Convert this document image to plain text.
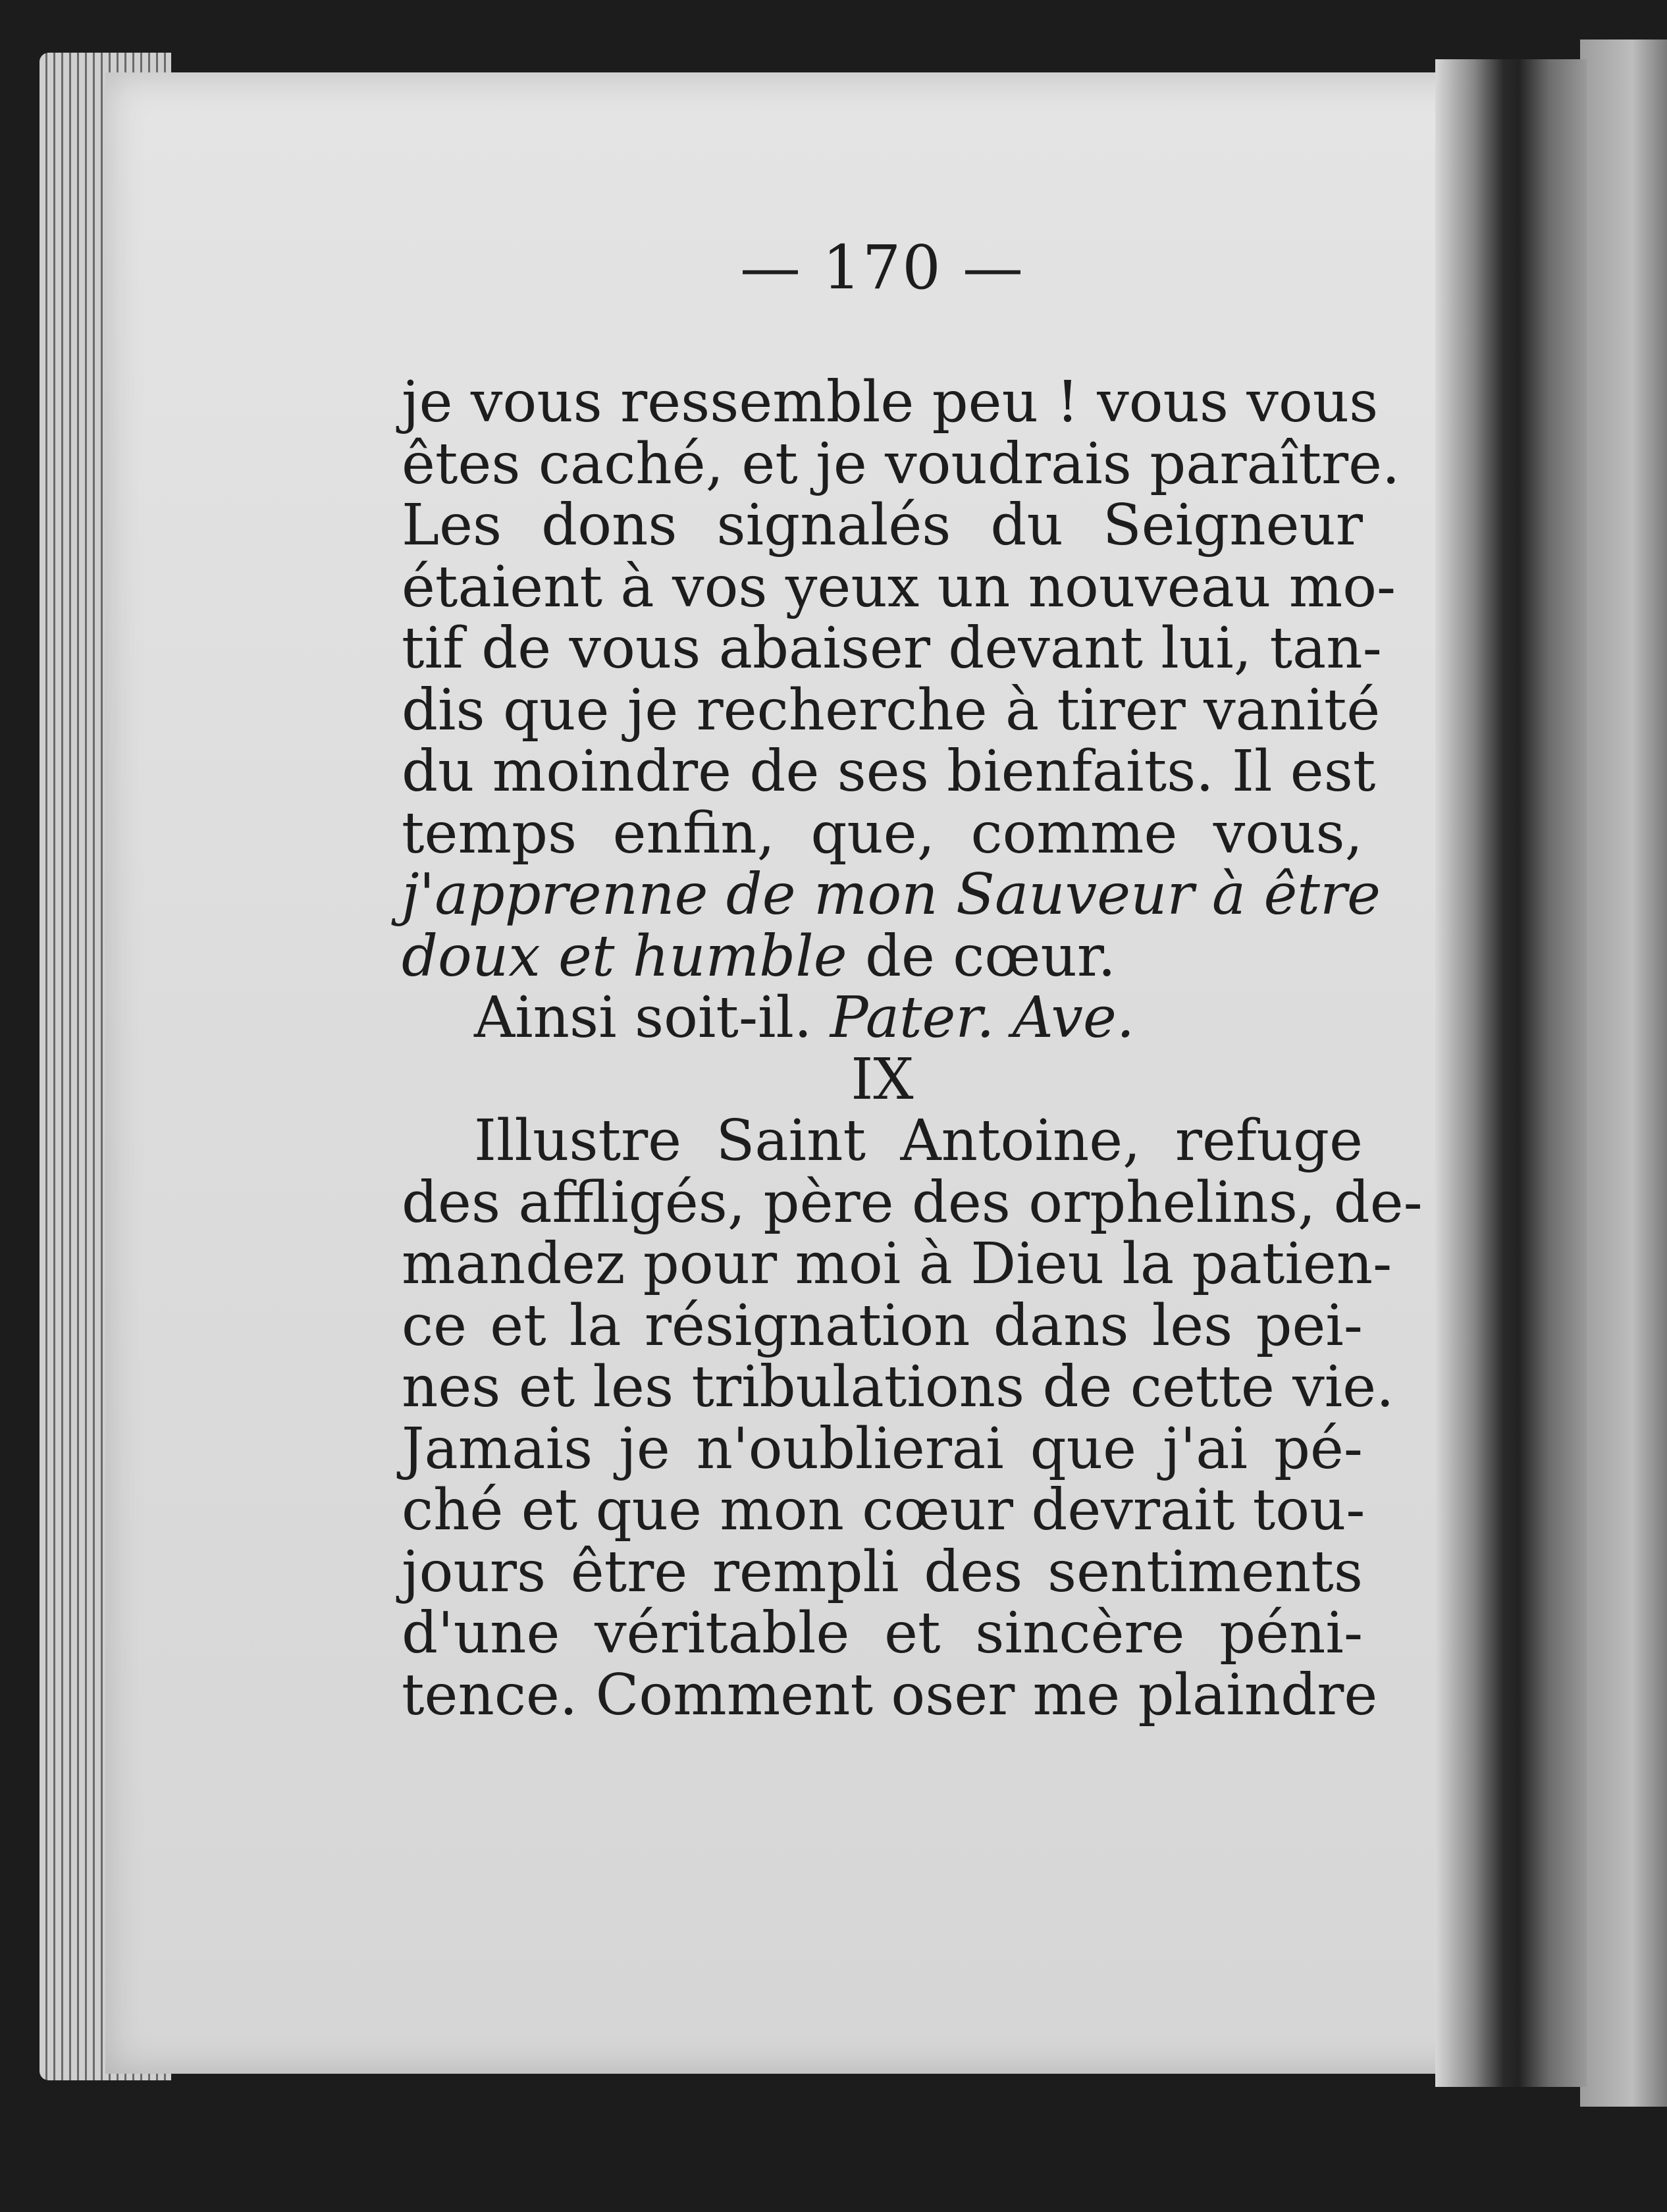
— 170 —
je vous ressemble peu ! vous vous
êtes caché, et je voudrais paraître.
Les dons signalés du Seigneur
étaient à vos yeux un nouveau mo-
tif de vous abaiser devant lui, tan-
dis que je recherche à tirer vanité
du moindre de ses bienfaits. Il est
temps enfin, que, comme vous,
j'apprenne de mon Sauveur à être
doux et humble de cœur.
Ainsi soit-il. Pater. Ave.
IX
Illustre Saint Antoine, refuge
des affligés, père des orphelins, de-
mandez pour moi à Dieu la patien-
ce et la résignation dans les pei-
nes et les tribulations de cette vie.
Jamais je n'oublierai que j'ai pé-
ché et que mon cœur devrait tou-
jours être rempli des sentiments
d'une véritable et sincère péni-
tence. Comment oser me plaindre
